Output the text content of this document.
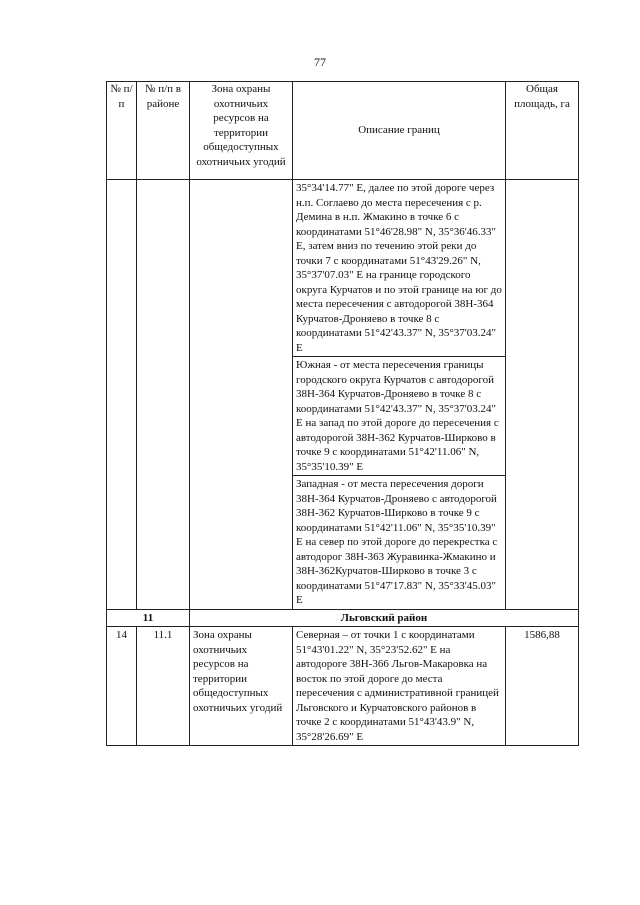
77
№ п/п	№ п/п в районе	Зона охраны охотничьих ресурсов на территории общедоступных охотничьих угодий	Описание границ	Общая площадь, га
			35°34'14.77" E, далее по этой дороге через н.п. Соглаево до места пересечения с р. Демина в н.п. Жмакино в точке 6 с координатами 51°46'28.98" N, 35°36'46.33" E, затем вниз по течению этой реки до точки 7 с координатами 51°43'29.26" N, 35°37'07.03" E на границе городского округа Курчатов и по этой границе на юг до места пересечения с автодорогой 38Н-364 Курчатов-Дроняево в точке 8 с координатами 51°42'43.37" N, 35°37'03.24" E	
			Южная - от места пересечения границы городского округа Курчатов с автодорогой 38Н-364 Курчатов-Дроняево в точке 8 с координатами 51°42'43.37" N, 35°37'03.24" E на запад по этой дороге до пересечения с автодорогой 38Н-362 Курчатов-Ширково в точке 9 с координатами 51°42'11.06" N, 35°35'10.39" E	
			Западная - от места пересечения дороги 38Н-364 Курчатов-Дроняево с автодорогой 38Н-362 Курчатов-Ширково в точке 9 с координатами 51°42'11.06" N, 35°35'10.39" E на север по этой дороге до перекрестка с автодорог 38Н-363 Журавинка-Жмакино и 38Н-362Курчатов-Ширково в точке 3 с координатами 51°47'17.83" N, 35°33'45.03" E	
11		Льговский район		
14	11.1	Зона охраны охотничьих ресурсов на территории общедоступных охотничьих угодий	Северная – от точки 1 с координатами 51°43'01.22" N, 35°23'52.62" E на автодороге 38Н-366 Льгов-Макаровка на восток по этой дороге до места пересечения с административной границей Льговского и Курчатовского районов в точке 2 с координатами 51°43'43.9" N, 35°28'26.69" E	1586,88
